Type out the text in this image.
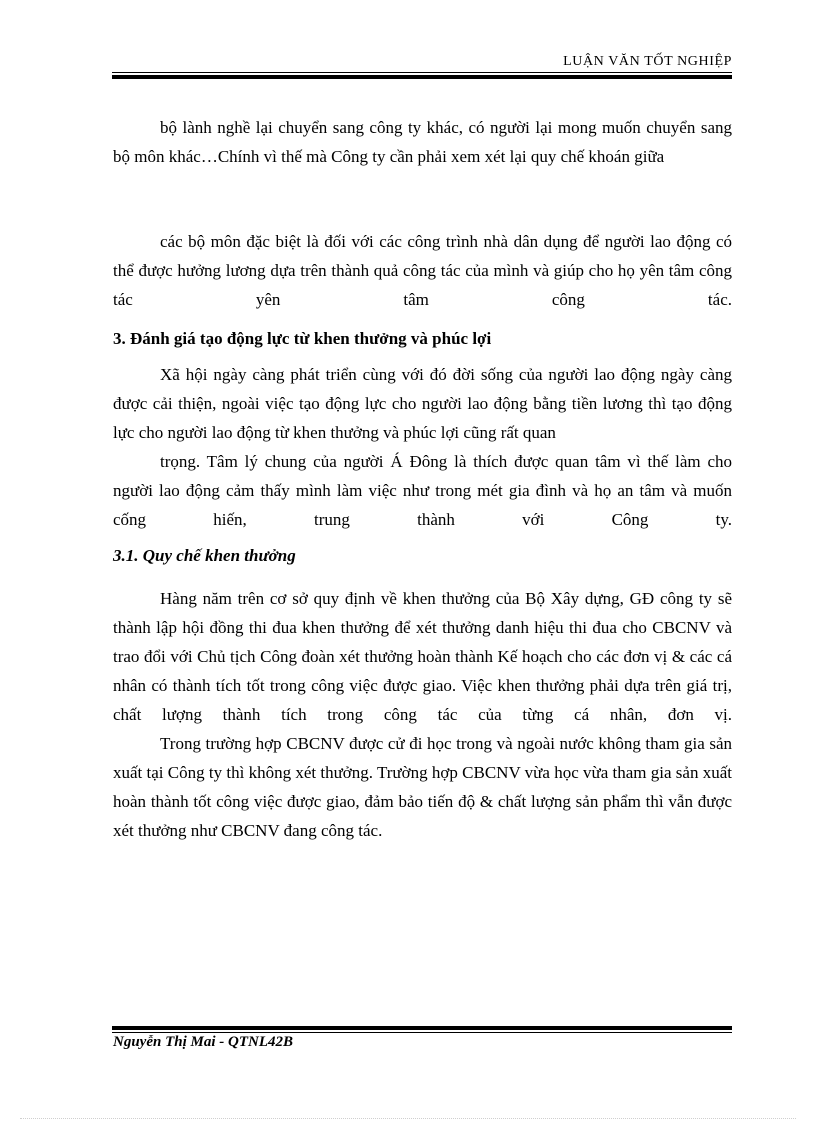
LUẬN VĂN TỐT NGHIỆP

bộ lành nghề lại chuyển sang công ty khác, có người lại mong muốn chuyển sang bộ môn khác…Chính vì thế mà Công ty cần phải xem xét lại quy chế khoán giữa

các bộ môn đặc biệt là đối với các công trình nhà dân dụng để người lao động có thể được hưởng lương dựa trên thành quả công tác của mình và giúp cho họ yên tâm công tác yên tâm công tác.

3. Đánh giá tạo động lực từ khen thưởng và phúc lợi

Xã hội ngày càng phát triển cùng với đó đời sống của người lao động ngày càng được cải thiện, ngoài việc tạo động lực cho người lao động bằng tiền lương thì tạo động lực cho người lao động từ khen thưởng và phúc lợi cũng rất quan

trọng. Tâm lý chung của người Á Đông là thích được quan tâm vì thế làm cho người lao động cảm thấy mình làm việc như trong mét gia đình và họ an tâm và muốn cống hiến, trung thành với Công ty.

3.1. Quy chế khen thưởng

Hàng năm trên cơ sở quy định về khen thưởng của Bộ Xây dựng, GĐ công ty sẽ thành lập hội đồng thi đua khen thưởng để xét thưởng danh hiệu thi đua cho CBCNV và trao đổi với Chủ tịch Công đoàn xét thưởng hoàn thành Kế hoạch cho các đơn vị & các cá nhân có thành tích tốt trong công việc được giao. Việc khen thưởng phải dựa trên giá trị, chất lượng thành tích trong công tác của từng cá nhân, đơn vị.

Trong trường hợp CBCNV được cử đi học trong và ngoài nước không tham gia sản xuất tại Công ty thì không xét thưởng. Trường hợp CBCNV vừa học vừa tham gia sản xuất hoàn thành tốt công việc được giao, đảm bảo tiến độ & chất lượng sản phẩm thì vẫn được xét thưởng như CBCNV đang công tác.

Nguyễn Thị Mai - QTNL42B
